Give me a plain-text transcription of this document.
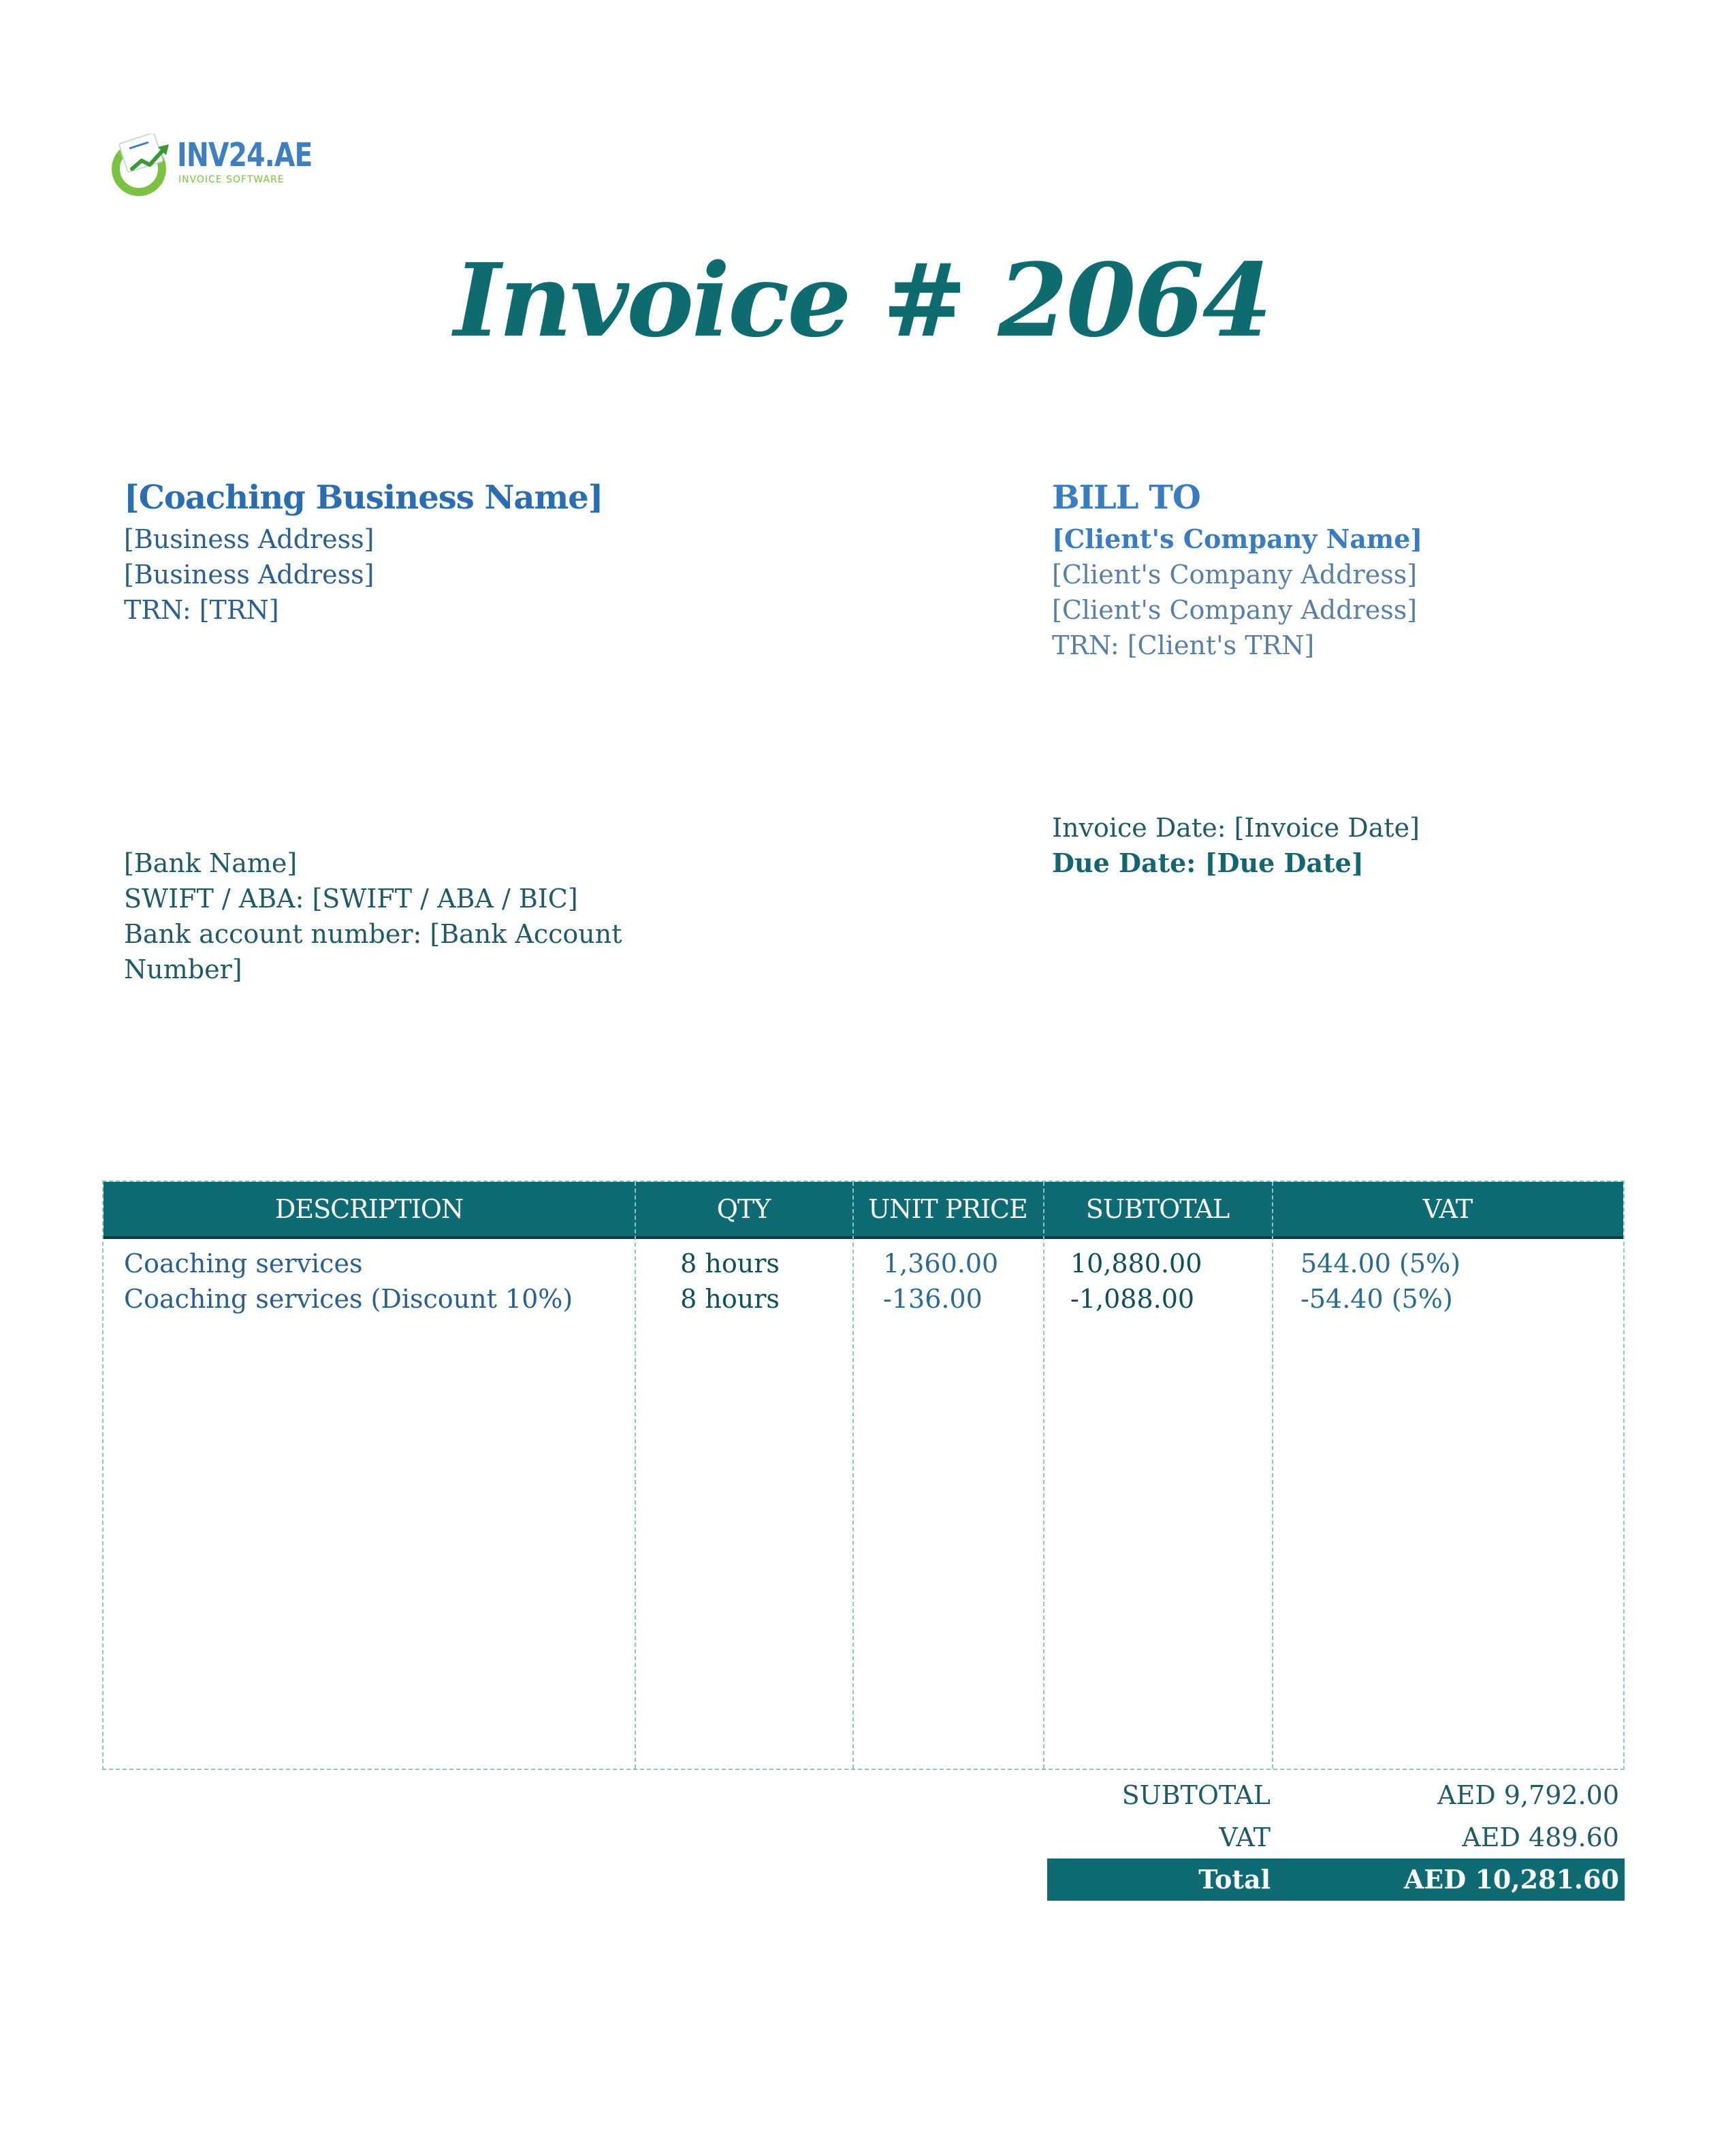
INV24.AE
INVOICE SOFTWARE
Invoice # 2064
[Coaching Business Name]
[Business Address]
[Business Address]
TRN: [TRN]
BILL TO
[Client's Company Name]
[Client's Company Address]
[Client's Company Address]
TRN: [Client's TRN]
[Bank Name]
SWIFT / ABA: [SWIFT / ABA / BIC]
Bank account number: [Bank Account Number]
Invoice Date: [Invoice Date]
Due Date: [Due Date]
DESCRIPTION	QTY	UNIT PRICE	SUBTOTAL	VAT
Coaching services	8 hours	1,360.00	10,880.00	544.00 (5%)
Coaching services (Discount 10%)	8 hours	-136.00	-1,088.00	-54.40 (5%)
SUBTOTAL	AED 9,792.00
VAT	AED 489.60
Total	AED 10,281.60
